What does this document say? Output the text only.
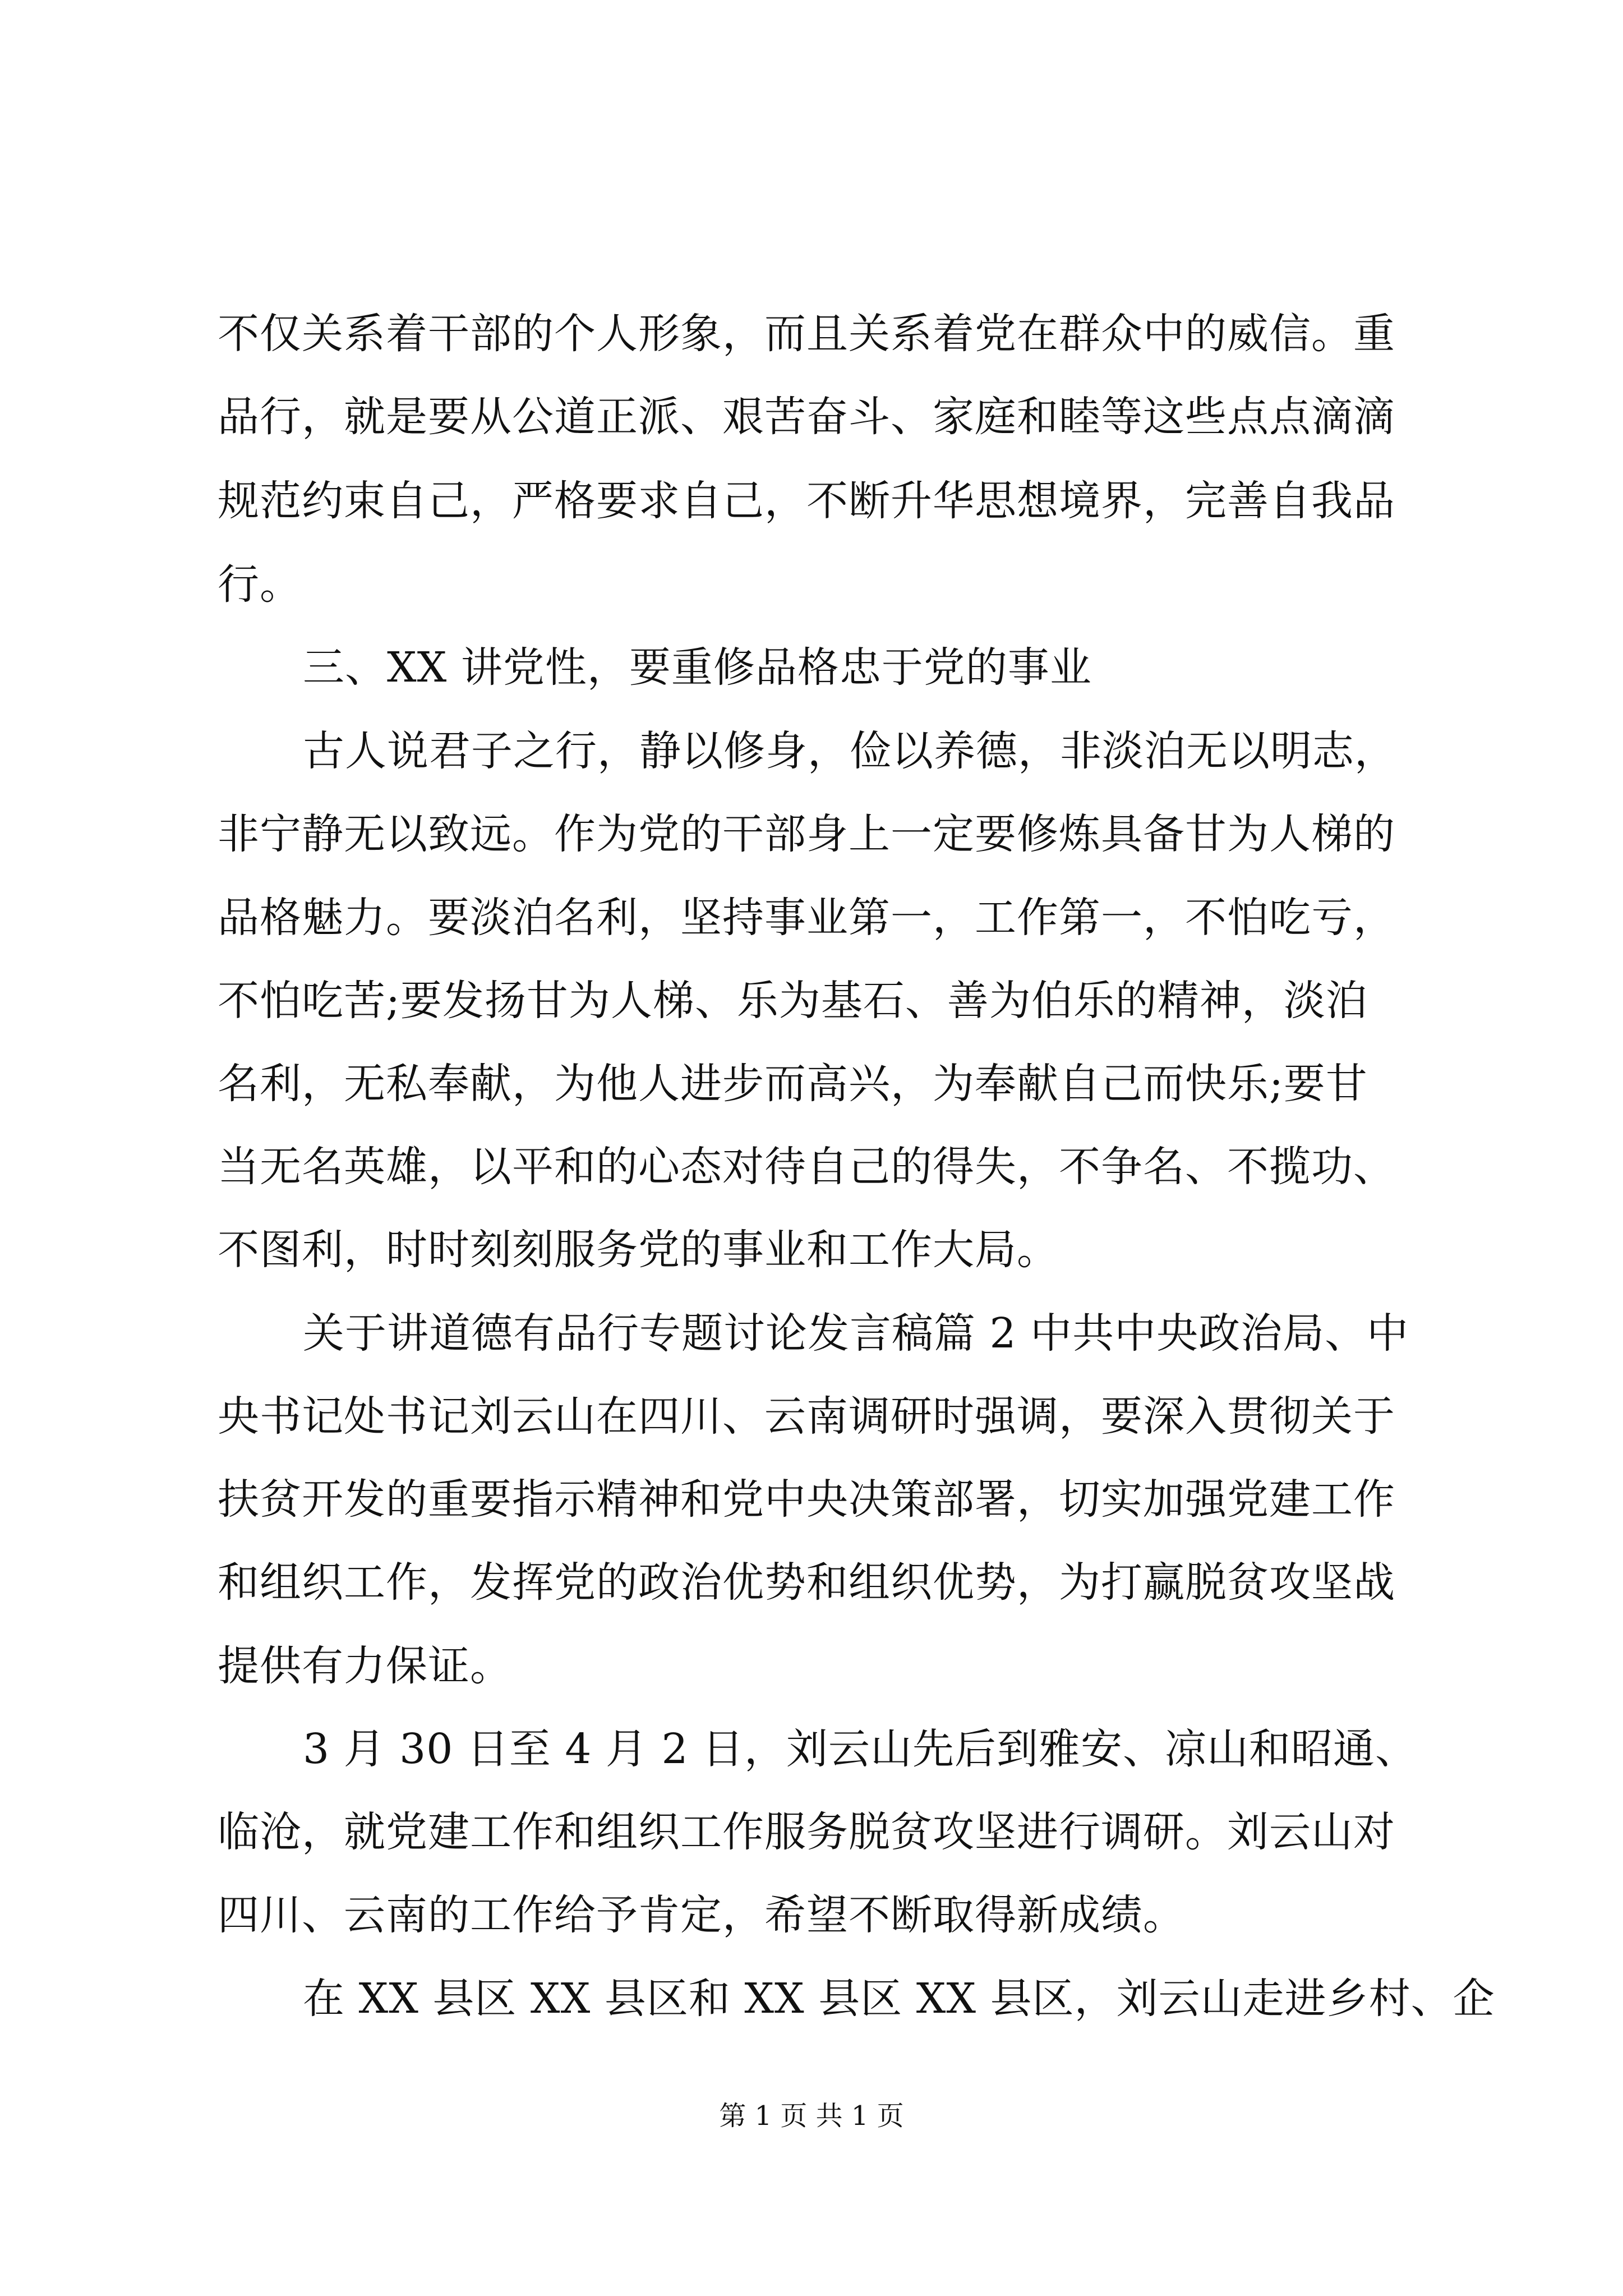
不仅关系着干部的个人形象，而且关系着党在群众中的威信。重
品行，就是要从公道正派、艰苦奋斗、家庭和睦等这些点点滴滴
规范约束自己，严格要求自己，不断升华思想境界，完善自我品
行。
三、XX 讲党性，要重修品格忠于党的事业
古人说君子之行，静以修身，俭以养德，非淡泊无以明志，
非宁静无以致远。作为党的干部身上一定要修炼具备甘为人梯的
品格魅力。要淡泊名利，坚持事业第一，工作第一，不怕吃亏，
不怕吃苦;要发扬甘为人梯、乐为基石、善为伯乐的精神，淡泊
名利，无私奉献，为他人进步而高兴，为奉献自己而快乐;要甘
当无名英雄，以平和的心态对待自己的得失，不争名、不揽功、
不图利，时时刻刻服务党的事业和工作大局。
关于讲道德有品行专题讨论发言稿篇 2 中共中央政治局、中
央书记处书记刘云山在四川、云南调研时强调，要深入贯彻关于
扶贫开发的重要指示精神和党中央决策部署，切实加强党建工作
和组织工作，发挥党的政治优势和组织优势，为打赢脱贫攻坚战
提供有力保证。
3 月 30 日至 4 月 2 日，刘云山先后到雅安、凉山和昭通、
临沧，就党建工作和组织工作服务脱贫攻坚进行调研。刘云山对
四川、云南的工作给予肯定，希望不断取得新成绩。
在 XX 县区 XX 县区和 XX 县区 XX 县区，刘云山走进乡村、企
第 1 页 共 1 页
